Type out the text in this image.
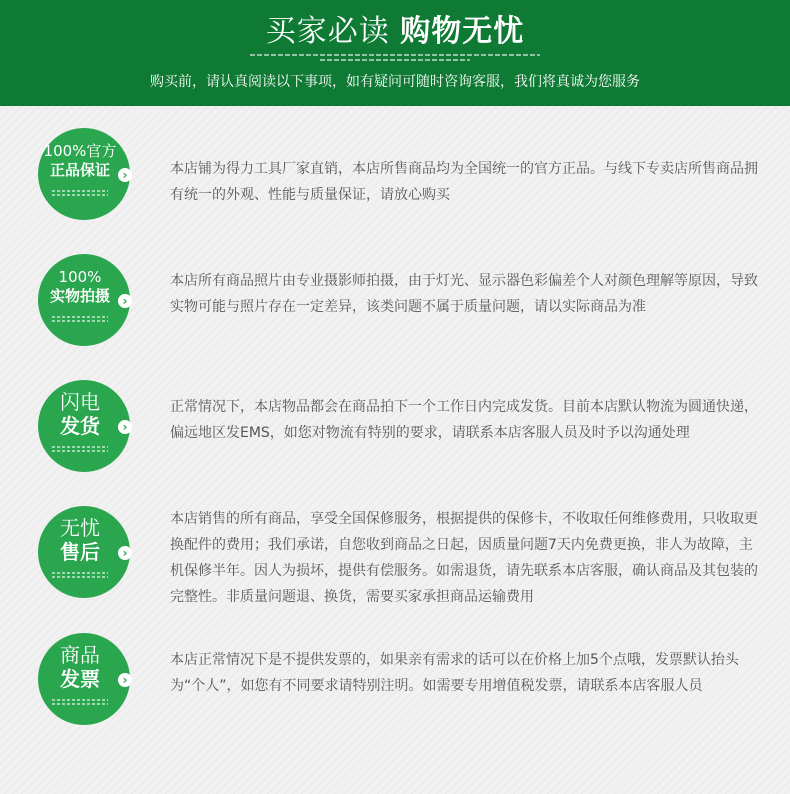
买家必读 购物无忧
购买前，请认真阅读以下事项，如有疑问可随时咨询客服，我们将真诚为您服务
100%官方
正品保证	›	本店铺为得力工具厂家直销，本店所售商品均为全国统一的官方正品。与线下专卖店所售商品拥有统一的外观、性能与质量保证，请放心购买

100%
实物拍摄	›

本店所有商品照片由专业摄影师拍摄，由于灯光、显示器色彩偏差个人对颜色理解等原因，导致实物可能与照片存在一定差异，该类问题不属于质量问题，请以实际商品为准

闪电
发货	›

正常情况下，本店物品都会在商品拍下一个工作日内完成发货。目前本店默认物流为圆通快递，偏远地区发EMS，如您对物流有特别的要求，请联系本店客服人员及时予以沟通处理

无忧
售后	›

本店销售的所有商品，享受全国保修服务，根据提供的保修卡，不收取任何维修费用，只收取更换配件的费用；我们承诺，自您收到商品之日起，因质量问题7天内免费更换，非人为故障，主机保修半年。因人为损坏，提供有偿服务。如需退货，请先联系本店客服，确认商品及其包装的完整性。非质量问题退、换货，需要买家承担商品运输费用

商品
发票	›

本店正常情况下是不提供发票的，如果亲有需求的话可以在价格上加5个点哦，发票默认抬头为“个人”，如您有不同要求请特别注明。如需要专用增值税发票，请联系本店客服人员
